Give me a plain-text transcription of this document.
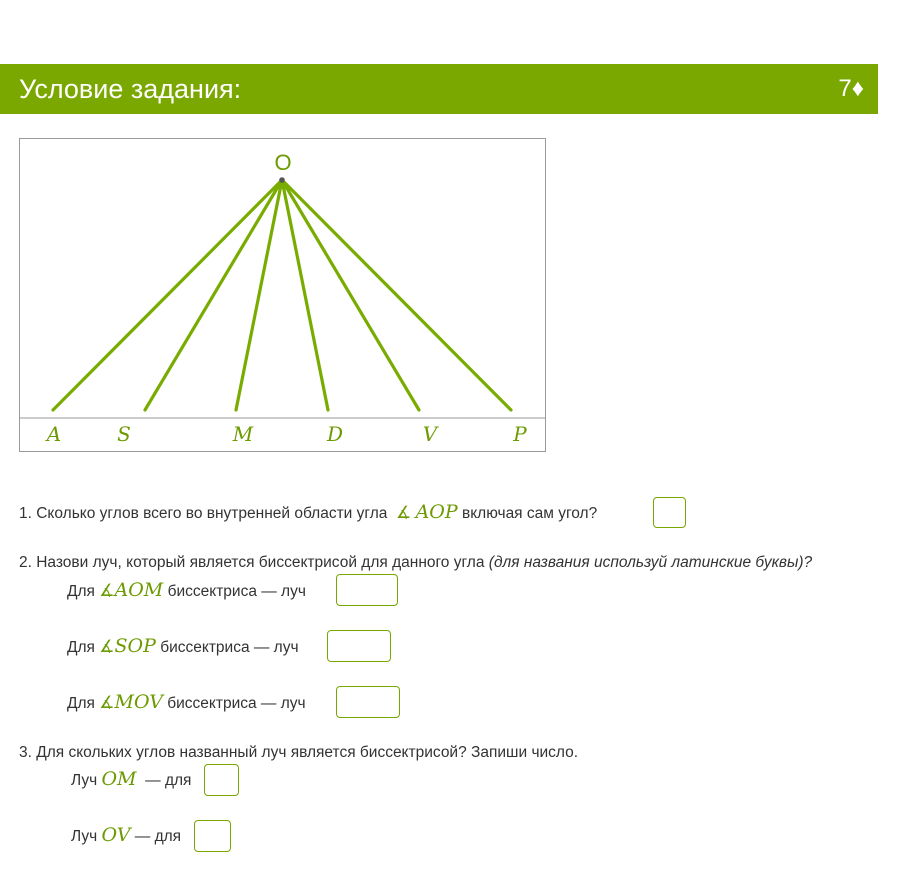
Условие задания:	7♦
O
A	S	M	D	V	P
1. Сколько углов всего во внутренней области угла ∡ AOP включая сам угол?
2. Назови луч, который является биссектрисой для данного угла (для названия используй латинские буквы)?
Для ∡AOM биссектриса — луч
Для ∡SOP биссектриса — луч
Для ∡MOV биссектриса — луч
3. Для скольких углов названный луч является биссектрисой? Запиши число.
Луч OM — для
Луч OV — для
